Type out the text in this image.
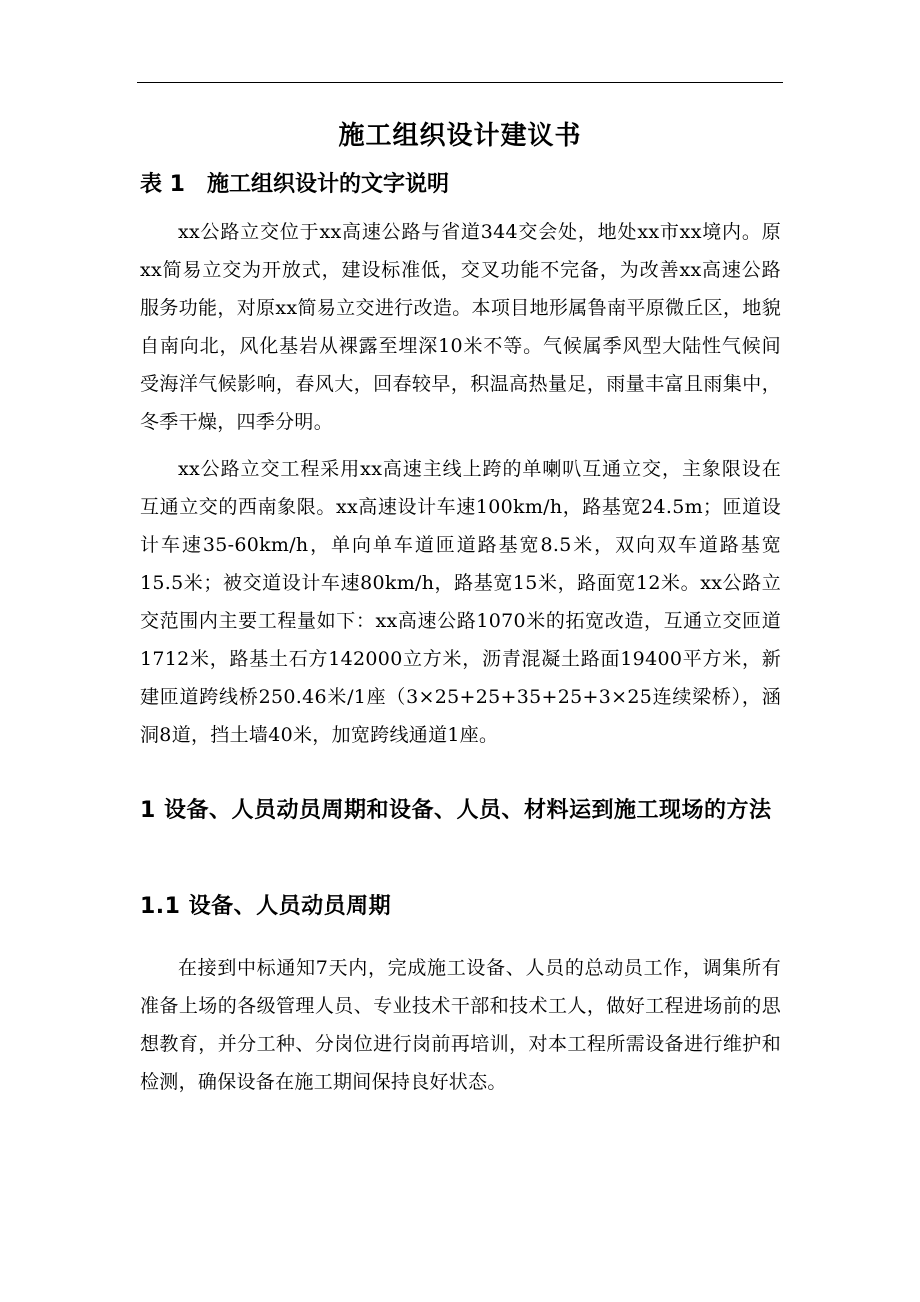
施工组织设计建议书
表 1　施工组织设计的文字说明

xx公路立交位于xx高速公路与省道344交会处，地处xx市xx境内。原xx简易立交为开放式，建设标准低，交叉功能不完备，为改善xx高速公路服务功能，对原xx简易立交进行改造。本项目地形属鲁南平原微丘区，地貌自南向北，风化基岩从裸露至埋深10米不等。气候属季风型大陆性气候间受海洋气候影响，春风大，回春较早，积温高热量足，雨量丰富且雨集中，冬季干燥，四季分明。

xx公路立交工程采用xx高速主线上跨的单喇叭互通立交，主象限设在互通立交的西南象限。xx高速设计车速100km/h，路基宽24.5m；匝道设计车速35-60km/h，单向单车道匝道路基宽8.5米，双向双车道路基宽15.5米；被交道设计车速80km/h，路基宽15米，路面宽12米。xx公路立交范围内主要工程量如下：xx高速公路1070米的拓宽改造，互通立交匝道1712米，路基土石方142000立方米，沥青混凝土路面19400平方米，新建匝道跨线桥250.46米/1座（3×25+25+35+25+3×25连续梁桥），涵洞8道，挡土墙40米，加宽跨线通道1座。

1 设备、人员动员周期和设备、人员、材料运到施工现场的方法
1.1 设备、人员动员周期

在接到中标通知7天内，完成施工设备、人员的总动员工作，调集所有准备上场的各级管理人员、专业技术干部和技术工人，做好工程进场前的思想教育，并分工种、分岗位进行岗前再培训，对本工程所需设备进行维护和检测，确保设备在施工期间保持良好状态。
